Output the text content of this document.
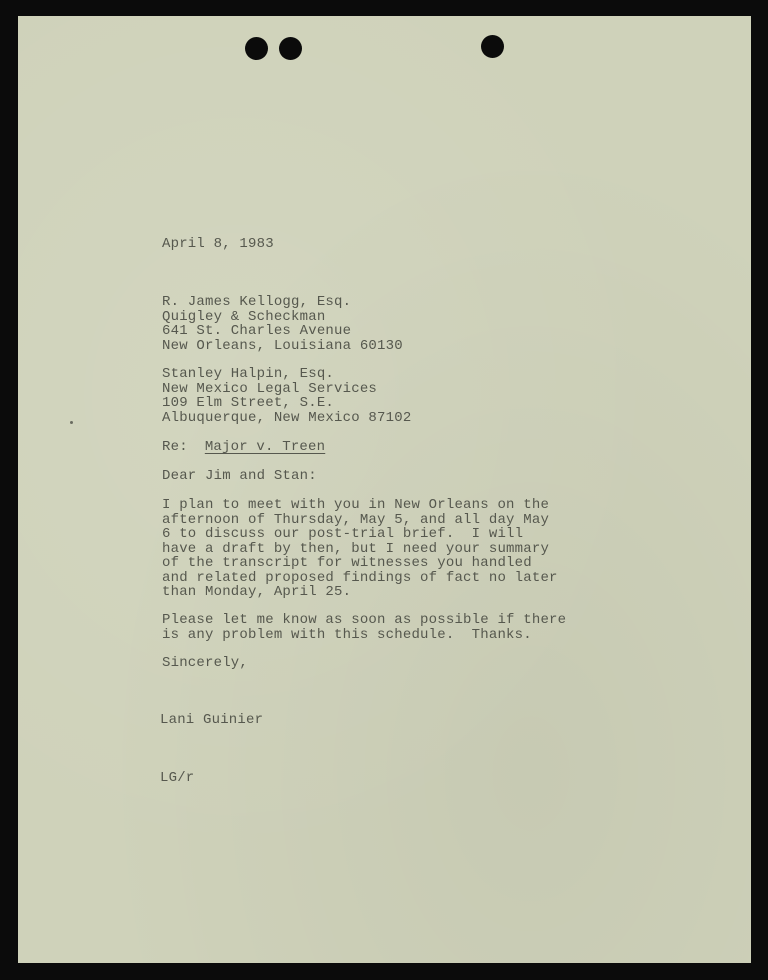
April 8, 1983
R. James Kellogg, Esq.
Quigley & Scheckman
641 St. Charles Avenue
New Orleans, Louisiana 60130
Stanley Halpin, Esq.
New Mexico Legal Services
109 Elm Street, S.E.
Albuquerque, New Mexico 87102
Re: Major v. Treen
Dear Jim and Stan:
I plan to meet with you in New Orleans on the
afternoon of Thursday, May 5, and all day May
6 to discuss our post-trial brief.  I will
have a draft by then, but I need your summary
of the transcript for witnesses you handled
and related proposed findings of fact no later
than Monday, April 25.
Please let me know as soon as possible if there
is any problem with this schedule.  Thanks.
Sincerely,
Lani Guinier
LG/r
